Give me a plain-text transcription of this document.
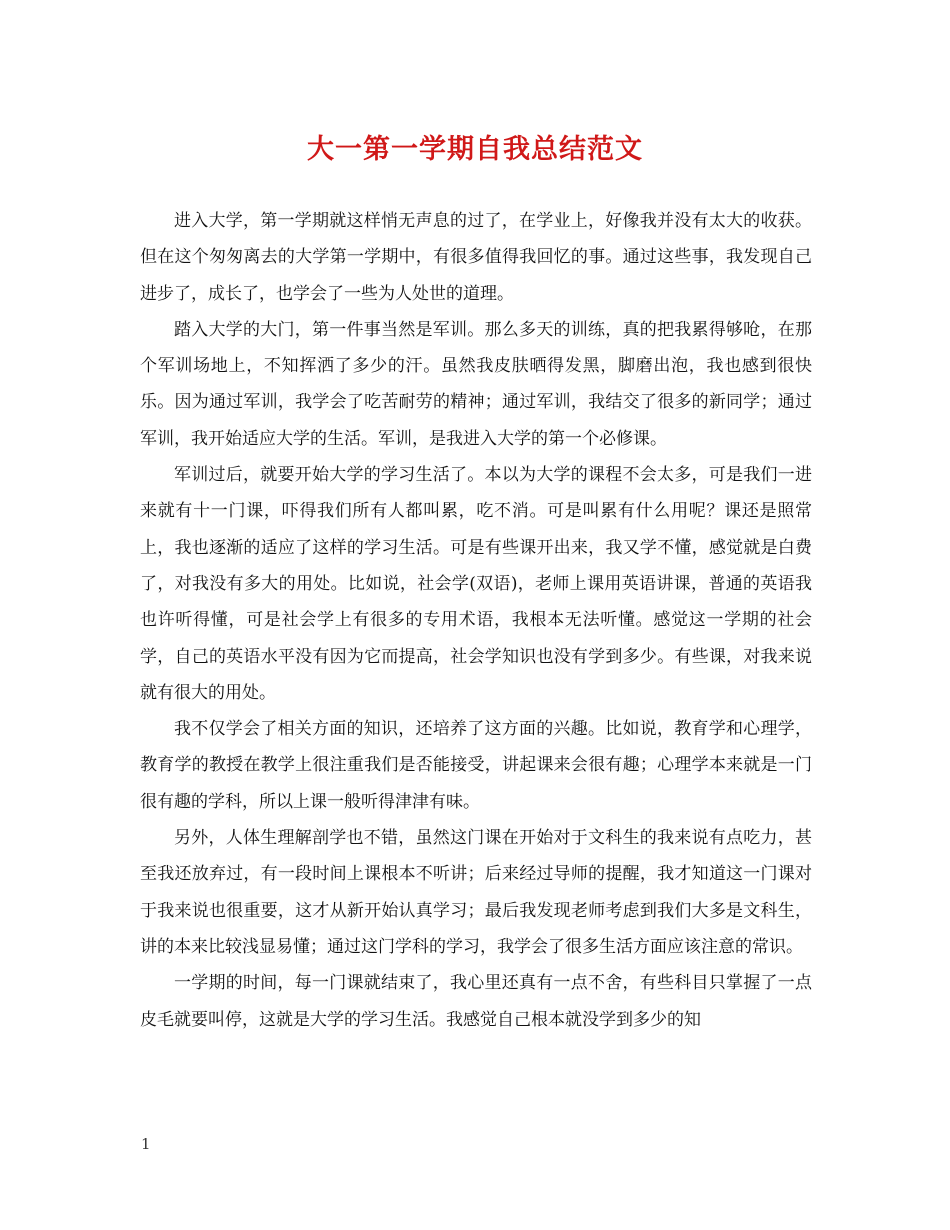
大一第一学期自我总结范文

进入大学，第一学期就这样悄无声息的过了，在学业上，好像我并没有太大的收获。但在这个匆匆离去的大学第一学期中，有很多值得我回忆的事。通过这些事，我发现自己进步了，成长了，也学会了一些为人处世的道理。

踏入大学的大门，第一件事当然是军训。那么多天的训练，真的把我累得够呛，在那个军训场地上，不知挥洒了多少的汗。虽然我皮肤晒得发黑，脚磨出泡，我也感到很快乐。因为通过军训，我学会了吃苦耐劳的精神；通过军训，我结交了很多的新同学；通过军训，我开始适应大学的生活。军训，是我进入大学的第一个必修课。

军训过后，就要开始大学的学习生活了。本以为大学的课程不会太多，可是我们一进来就有十一门课，吓得我们所有人都叫累，吃不消。可是叫累有什么用呢？课还是照常上，我也逐渐的适应了这样的学习生活。可是有些课开出来，我又学不懂，感觉就是白费了，对我没有多大的用处。比如说，社会学(双语)，老师上课用英语讲课，普通的英语我也许听得懂，可是社会学上有很多的专用术语，我根本无法听懂。感觉这一学期的社会学，自己的英语水平没有因为它而提高，社会学知识也没有学到多少。有些课，对我来说就有很大的用处。

我不仅学会了相关方面的知识，还培养了这方面的兴趣。比如说，教育学和心理学，教育学的教授在教学上很注重我们是否能接受，讲起课来会很有趣；心理学本来就是一门很有趣的学科，所以上课一般听得津津有味。

另外，人体生理解剖学也不错，虽然这门课在开始对于文科生的我来说有点吃力，甚至我还放弃过，有一段时间上课根本不听讲；后来经过导师的提醒，我才知道这一门课对于我来说也很重要，这才从新开始认真学习；最后我发现老师考虑到我们大多是文科生，讲的本来比较浅显易懂；通过这门学科的学习，我学会了很多生活方面应该注意的常识。

一学期的时间，每一门课就结束了，我心里还真有一点不舍，有些科目只掌握了一点皮毛就要叫停，这就是大学的学习生活。我感觉自己根本就没学到多少的知

1
